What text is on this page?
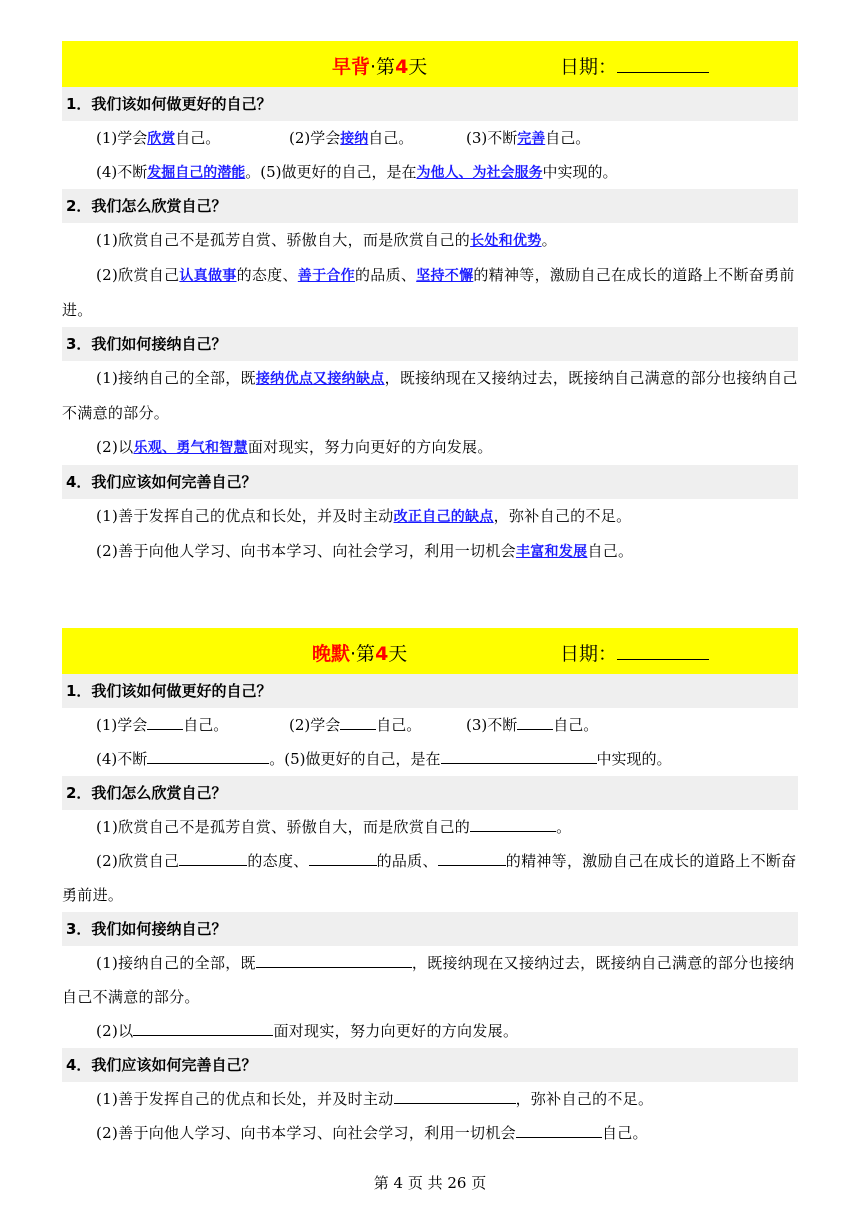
早背·第4天	日期：
1．我们该如何做更好的自己？
(1)学会欣赏自己。	(2)学会接纳自己。	(3)不断完善自己。
(4)不断发掘自己的潜能。(5)做更好的自己，是在为他人、为社会服务中实现的。
2．我们怎么欣赏自己？
(1)欣赏自己不是孤芳自赏、骄傲自大，而是欣赏自己的长处和优势。
(2)欣赏自己认真做事的态度、善于合作的品质、坚持不懈的精神等，激励自己在成长的道路上不断奋勇前进。
3．我们如何接纳自己？
(1)接纳自己的全部，既接纳优点又接纳缺点，既接纳现在又接纳过去，既接纳自己满意的部分也接纳自己不满意的部分。
(2)以乐观、勇气和智慧面对现实，努力向更好的方向发展。
4．我们应该如何完善自己？
(1)善于发挥自己的优点和长处，并及时主动改正自己的缺点，弥补自己的不足。
(2)善于向他人学习、向书本学习、向社会学习，利用一切机会丰富和发展自己。
晚默·第4天	日期：
1．我们该如何做更好的自己？
(1)学会 自己。	(2)学会 自己。	(3)不断 自己。
(4)不断	。(5)做更好的自己，是在	中实现的。
2．我们怎么欣赏自己？
(1)欣赏自己不是孤芳自赏、骄傲自大，而是欣赏自己的	。
(2)欣赏自己	的态度、	的品质、	的精神等，激励自己在成长的道路上不断奋勇前进。
3．我们如何接纳自己？
(1)接纳自己的全部，既	，既接纳现在又接纳过去，既接纳自己满意的部分也接纳自己不满意的部分。
(2)以	面对现实，努力向更好的方向发展。
4．我们应该如何完善自己？
(1)善于发挥自己的优点和长处，并及时主动	，弥补自己的不足。
(2)善于向他人学习、向书本学习、向社会学习，利用一切机会	自己。
第 4 页 共 26 页
